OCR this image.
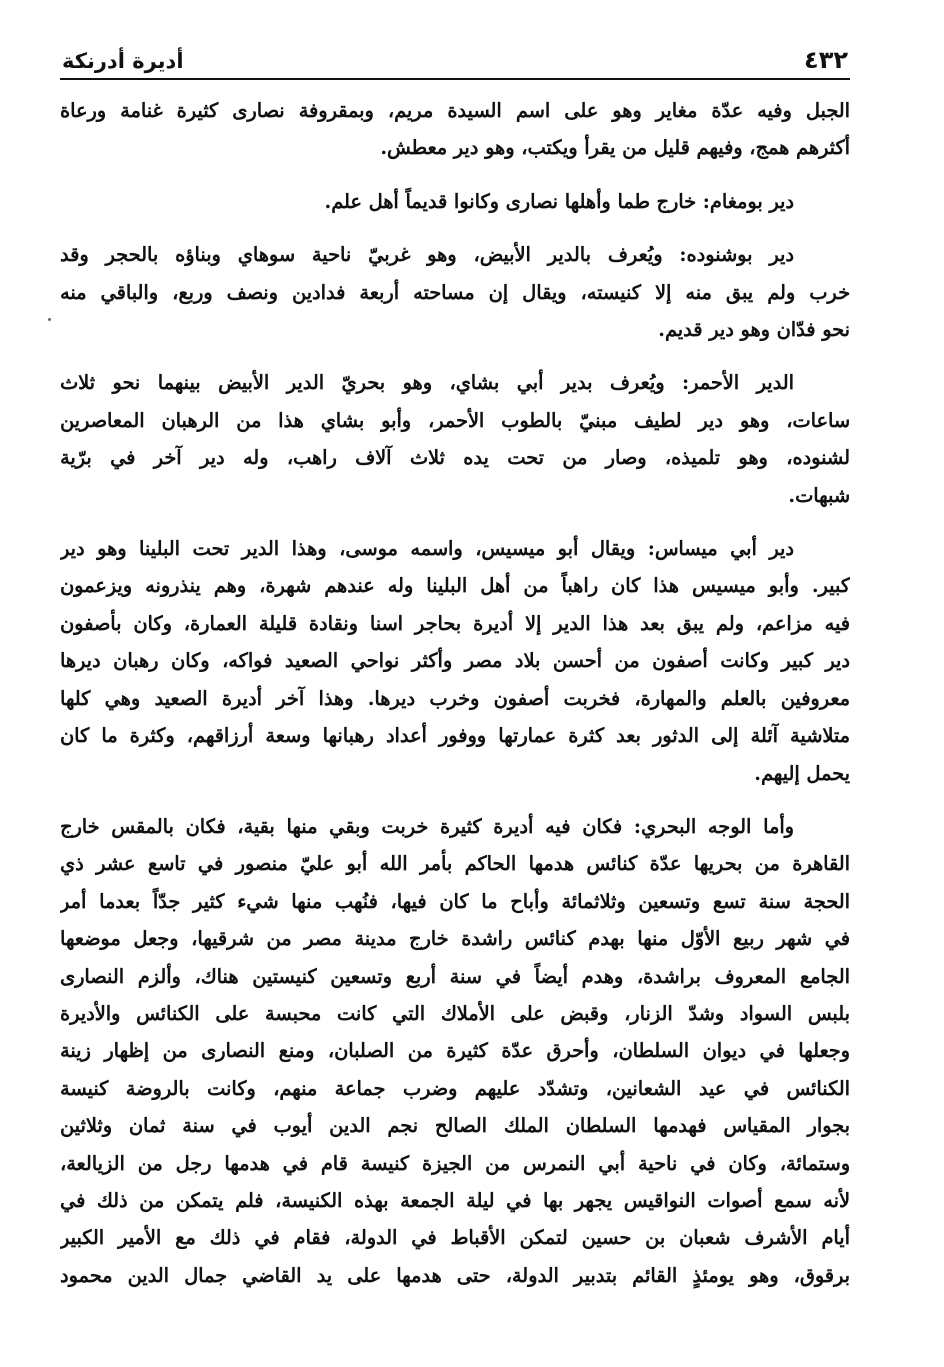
٤٣٢
أديرة أدرنكة

الجبل وفيه عدّة مغاير وهو على اسم السيدة مريم، وبمقروفة نصارى كثيرة غنامة ورعاة
أكثرهم همج، وفيهم قليل من يقرأ ويكتب، وهو دير معطش.

دير بومغام: خارج طما وأهلها نصارى وكانوا قديماً أهل علم.

دير بوشنوده: ويُعرف بالدير الأبيض، وهو غربيّ ناحية سوهاي وبناؤه بالحجر وقد
خرب ولم يبق منه إلا كنيسته، ويقال إن مساحته أربعة فدادين ونصف وربع، والباقي منه
نحو فدّان وهو دير قديم.

الدير الأحمر: ويُعرف بدير أبي بشاي، وهو بحريّ الدير الأبيض بينهما نحو ثلاث
ساعات، وهو دير لطيف مبنيّ بالطوب الأحمر، وأبو بشاي هذا من الرهبان المعاصرين
لشنوده، وهو تلميذه، وصار من تحت يده ثلاث آلاف راهب، وله دير آخر في برّية
شبهات.

دير أبي ميساس: ويقال أبو ميسيس، واسمه موسى، وهذا الدير تحت البلينا وهو دير
كبير. وأبو ميسيس هذا كان راهباً من أهل البلينا وله عندهم شهرة، وهم ينذرونه ويزعمون
فيه مزاعم، ولم يبق بعد هذا الدير إلا أديرة بحاجر اسنا ونقادة قليلة العمارة، وكان بأصفون
دير كبير وكانت أصفون من أحسن بلاد مصر وأكثر نواحي الصعيد فواكه، وكان رهبان ديرها
معروفين بالعلم والمهارة، فخربت أصفون وخرب ديرها. وهذا آخر أديرة الصعيد وهي كلها
متلاشية آئلة إلى الدثور بعد كثرة عمارتها ووفور أعداد رهبانها وسعة أرزاقهم، وكثرة ما كان
يحمل إليهم.

وأما الوجه البحري: فكان فيه أديرة كثيرة خربت وبقي منها بقية، فكان بالمقس خارج
القاهرة من بحريها عدّة كنائس هدمها الحاكم بأمر الله أبو عليّ منصور في تاسع عشر ذي
الحجة سنة تسع وتسعين وثلاثمائة وأباح ما كان فيها، فنُهب منها شيء كثير جدّاً بعدما أمر
في شهر ربيع الأوّل منها بهدم كنائس راشدة خارج مدينة مصر من شرقيها، وجعل موضعها
الجامع المعروف براشدة، وهدم أيضاً في سنة أربع وتسعين كنيستين هناك، وألزم النصارى
بلبس السواد وشدّ الزنار، وقبض على الأملاك التي كانت محبسة على الكنائس والأديرة
وجعلها في ديوان السلطان، وأحرق عدّة كثيرة من الصلبان، ومنع النصارى من إظهار زينة
الكنائس في عيد الشعانين، وتشدّد عليهم وضرب جماعة منهم، وكانت بالروضة كنيسة
بجوار المقياس فهدمها السلطان الملك الصالح نجم الدين أيوب في سنة ثمان وثلاثين
وستمائة، وكان في ناحية أبي النمرس من الجيزة كنيسة قام في هدمها رجل من الزيالعة،
لأنه سمع أصوات النواقيس يجهر بها في ليلة الجمعة بهذه الكنيسة، فلم يتمكن من ذلك في
أيام الأشرف شعبان بن حسين لتمكن الأقباط في الدولة، فقام في ذلك مع الأمير الكبير
برقوق، وهو يومئذٍ القائم بتدبير الدولة، حتى هدمها على يد القاضي جمال الدين محمود
